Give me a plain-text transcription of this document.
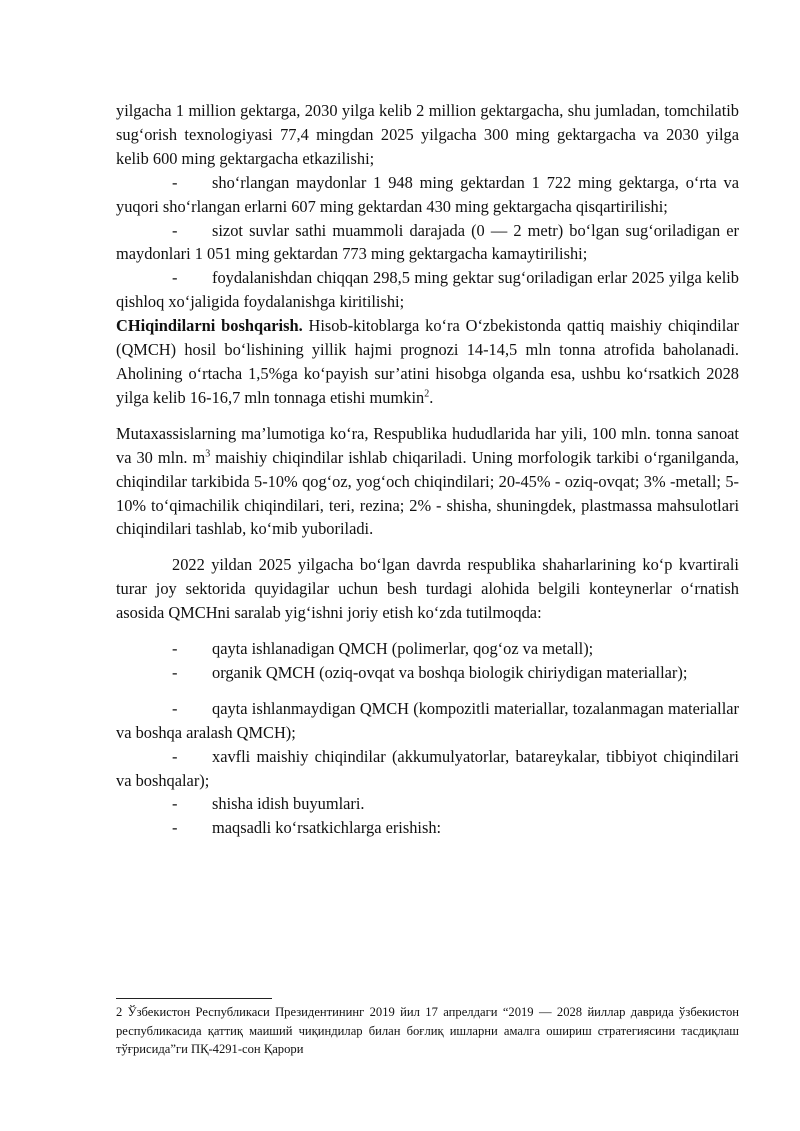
yilgacha 1 million gektarga, 2030 yilga kelib 2 million gektargacha, shu jumladan, tomchilatib sug‘orish texnologiyasi 77,4 mingdan 2025 yilgacha 300 ming gektargacha va 2030 yilga kelib 600 ming gektargacha etkazilishi;

- sho‘rlangan maydonlar 1 948 ming gektardan 1 722 ming gektarga, o‘rta va yuqori sho‘rlangan erlarni 607 ming gektardan 430 ming gektargacha qisqartirilishi;

- sizot suvlar sathi muammoli darajada (0 — 2 metr) bo‘lgan sug‘oriladigan er maydonlari 1 051 ming gektardan 773 ming gektargacha kamaytirilishi;

- foydalanishdan chiqqan 298,5 ming gektar sug‘oriladigan erlar 2025 yilga kelib qishloq xo‘jaligida foydalanishga kiritilishi;

CHiqindilarni boshqarish. Hisob-kitoblarga ko‘ra O‘zbekistonda qattiq maishiy chiqindilar (QMCH) hosil bo‘lishining yillik hajmi prognozi 14-14,5 mln tonna atrofida baholanadi. Aholining o‘rtacha 1,5%ga ko‘payish sur’atini hisobga olganda esa, ushbu ko‘rsatkich 2028 yilga kelib 16-16,7 mln tonnaga etishi mumkin$^2$.

Mutaxassislarning ma’lumotiga ko‘ra, Respublika hududlarida har yili, 100 mln. tonna sanoat va 30 mln. $m^3$ maishiy chiqindilar ishlab chiqariladi. Uning morfologik tarkibi o‘rganilganda, chiqindilar tarkibida 5-10% qog‘oz, yog‘och chiqindilari; 20-45% - oziq-ovqat; 3% -metall; 5-10% to‘qimachilik chiqindilari, teri, rezina; 2% - shisha, shuningdek, plastmassa mahsulotlari chiqindilari tashlab, ko‘mib yuboriladi.

2022 yildan 2025 yilgacha bo‘lgan davrda respublika shaharlarining ko‘p kvartirali turar joy sektorida quyidagilar uchun besh turdagi alohida belgili konteynerlar o‘rnatish asosida QMCHni saralab yig‘ishni joriy etish ko‘zda tutilmoqda:

- qayta ishlanadigan QMCH (polimerlar, qog‘oz va metall);

- organik QMCH (oziq-ovqat va boshqa biologik chiriydigan materiallar);

- qayta ishlanmaydigan QMCH (kompozitli materiallar, tozalanmagan materiallar va boshqa aralash QMCH);

- xavfli maishiy chiqindilar (akkumulyatorlar, batareykalar, tibbiyot chiqindilari va boshqalar);

- shisha idish buyumlari.

- maqsadli ko‘rsatkichlarga erishish:

2 Ўзбекистон Республикаси Президентининг 2019 йил 17 апрелдаги “2019 — 2028 йиллар даврида ўзбекистон республикасида қаттиқ маиший чиқиндилар билан боғлиқ ишларни амалга ошириш стратегиясини тасдиқлаш тўғрисида”ги ПҚ-4291-сон Қарори
